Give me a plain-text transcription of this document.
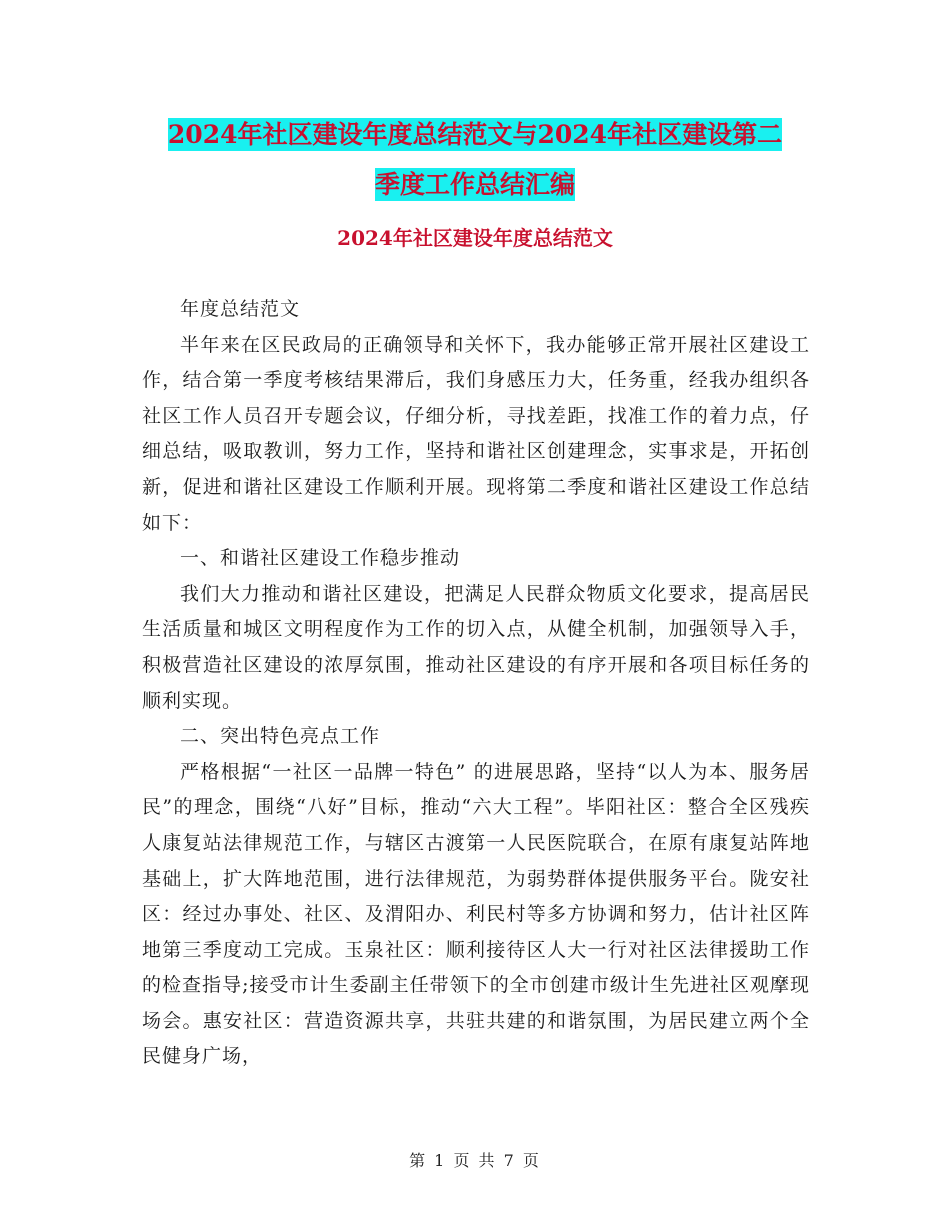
2024年社区建设年度总结范文与2024年社区建设第二
季度工作总结汇编
2024年社区建设年度总结范文

年度总结范文

半年来在区民政局的正确领导和关怀下，我办能够正常开展社区建设工作，结合第一季度考核结果滞后，我们身感压力大，任务重，经我办组织各社区工作人员召开专题会议，仔细分析，寻找差距，找准工作的着力点，仔细总结，吸取教训，努力工作，坚持和谐社区创建理念，实事求是，开拓创新，促进和谐社区建设工作顺利开展。现将第二季度和谐社区建设工作总结如下：

一、和谐社区建设工作稳步推动

我们大力推动和谐社区建设，把满足人民群众物质文化要求，提高居民生活质量和城区文明程度作为工作的切入点，从健全机制，加强领导入手，积极营造社区建设的浓厚氛围，推动社区建设的有序开展和各项目标任务的顺利实现。

二、突出特色亮点工作

严格根据“一社区一品牌一特色” 的进展思路，坚持“以人为本、服务居民”的理念，围绕“八好”目标，推动“六大工程”。毕阳社区：整合全区残疾人康复站法律规范工作，与辖区古渡第一人民医院联合，在原有康复站阵地基础上，扩大阵地范围，进行法律规范，为弱势群体提供服务平台。陇安社区：经过办事处、社区、及渭阳办、利民村等多方协调和努力，估计社区阵地第三季度动工完成。玉泉社区：顺利接待区人大一行对社区法律援助工作的检查指导;接受市计生委副主任带领下的全市创建市级计生先进社区观摩现场会。惠安社区：营造资源共享，共驻共建的和谐氛围，为居民建立两个全民健身广场，

第 1 页 共 7 页
